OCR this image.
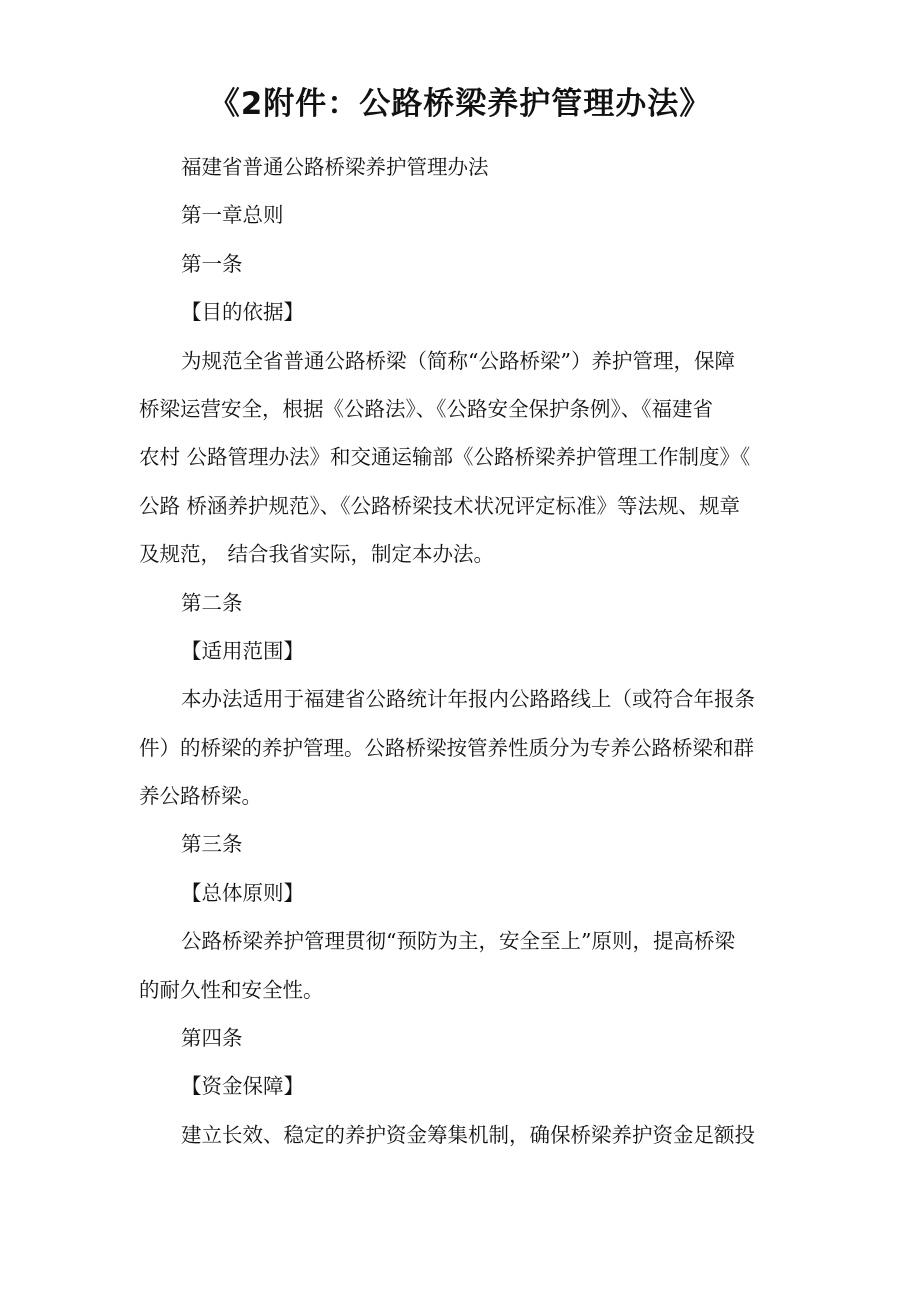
《2附件：公路桥梁养护管理办法》
福建省普通公路桥梁养护管理办法
第一章总则
第一条
【目的依据】
为规范全省普通公路桥梁（简称“公路桥梁”）养护管理，保障
桥梁运营安全，根据《公路法》、《公路安全保护条例》、《福建省
农村 公路管理办法》和交通运输部《公路桥梁养护管理工作制度》《
公路 桥涵养护规范》、《公路桥梁技术状况评定标准》等法规、规章
及规范， 结合我省实际，制定本办法。
第二条
【适用范围】
本办法适用于福建省公路统计年报内公路路线上（或符合年报条
件）的桥梁的养护管理。公路桥梁按管养性质分为专养公路桥梁和群
养公路桥梁。
第三条
【总体原则】
公路桥梁养护管理贯彻“预防为主，安全至上”原则，提高桥梁
的耐久性和安全性。
第四条
【资金保障】
建立长效、稳定的养护资金筹集机制，确保桥梁养护资金足额投
